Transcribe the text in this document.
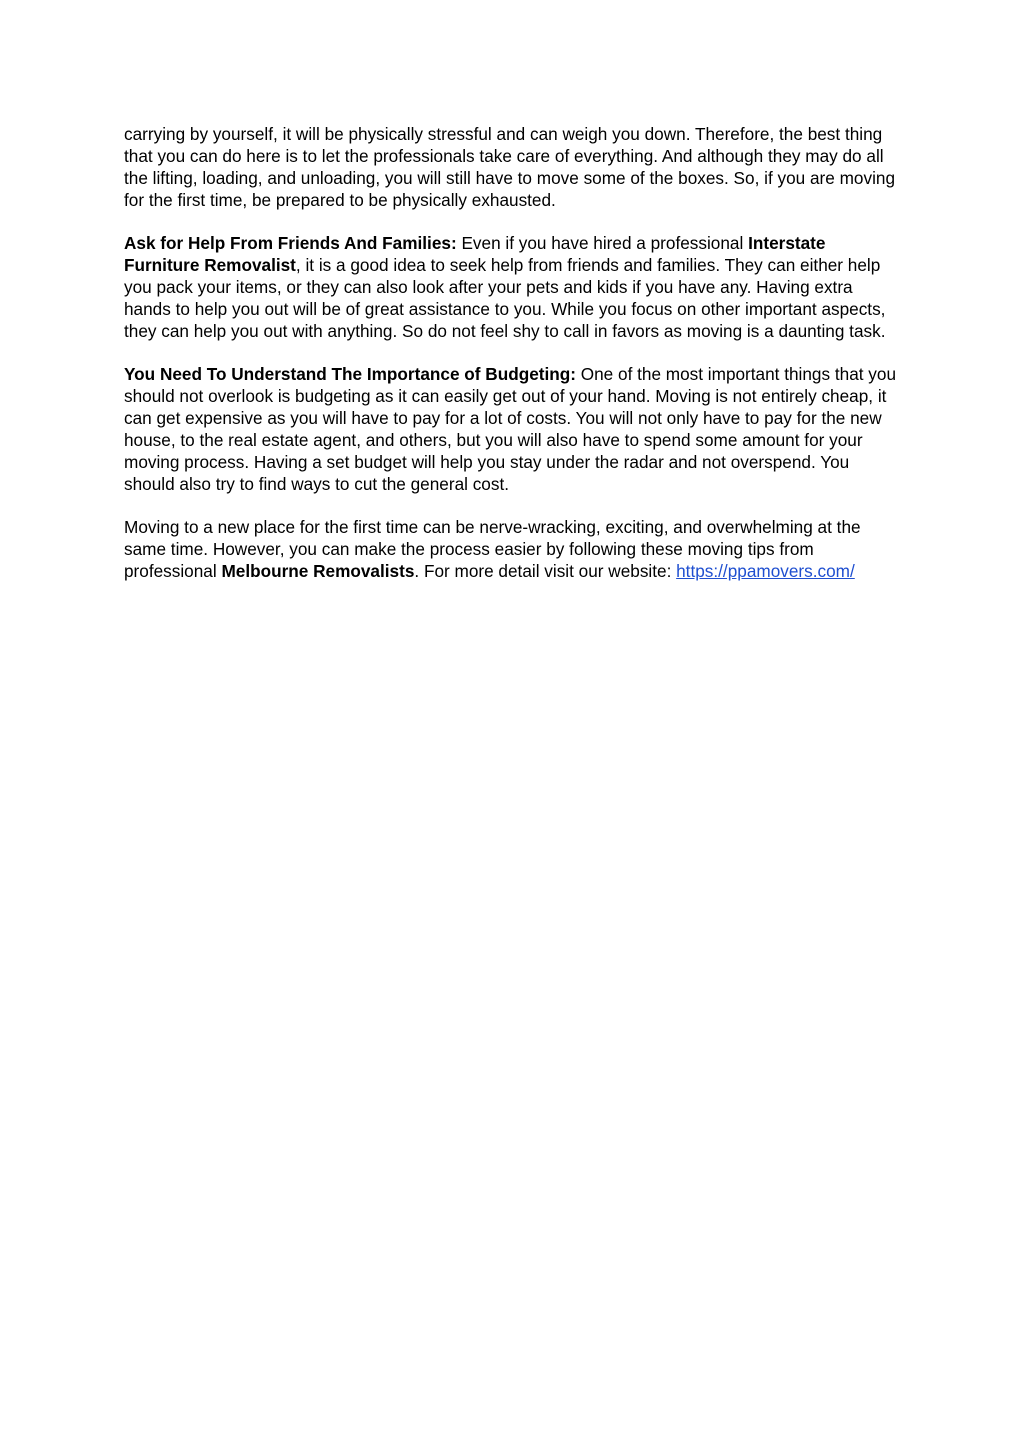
carrying by yourself, it will be physically stressful and can weigh you down. Therefore, the best thing that you can do here is to let the professionals take care of everything. And although they may do all the lifting, loading, and unloading, you will still have to move some of the boxes. So, if you are moving for the first time, be prepared to be physically exhausted.

Ask for Help From Friends And Families: Even if you have hired a professional Interstate Furniture Removalist, it is a good idea to seek help from friends and families. They can either help you pack your items, or they can also look after your pets and kids if you have any. Having extra hands to help you out will be of great assistance to you. While you focus on other important aspects, they can help you out with anything. So do not feel shy to call in favors as moving is a daunting task.

You Need To Understand The Importance of Budgeting: One of the most important things that you should not overlook is budgeting as it can easily get out of your hand. Moving is not entirely cheap, it can get expensive as you will have to pay for a lot of costs. You will not only have to pay for the new house, to the real estate agent, and others, but you will also have to spend some amount for your moving process. Having a set budget will help you stay under the radar and not overspend. You should also try to find ways to cut the general cost.

Moving to a new place for the first time can be nerve-wracking, exciting, and overwhelming at the same time. However, you can make the process easier by following these moving tips from professional Melbourne Removalists. For more detail visit our website: https://ppamovers.com/
